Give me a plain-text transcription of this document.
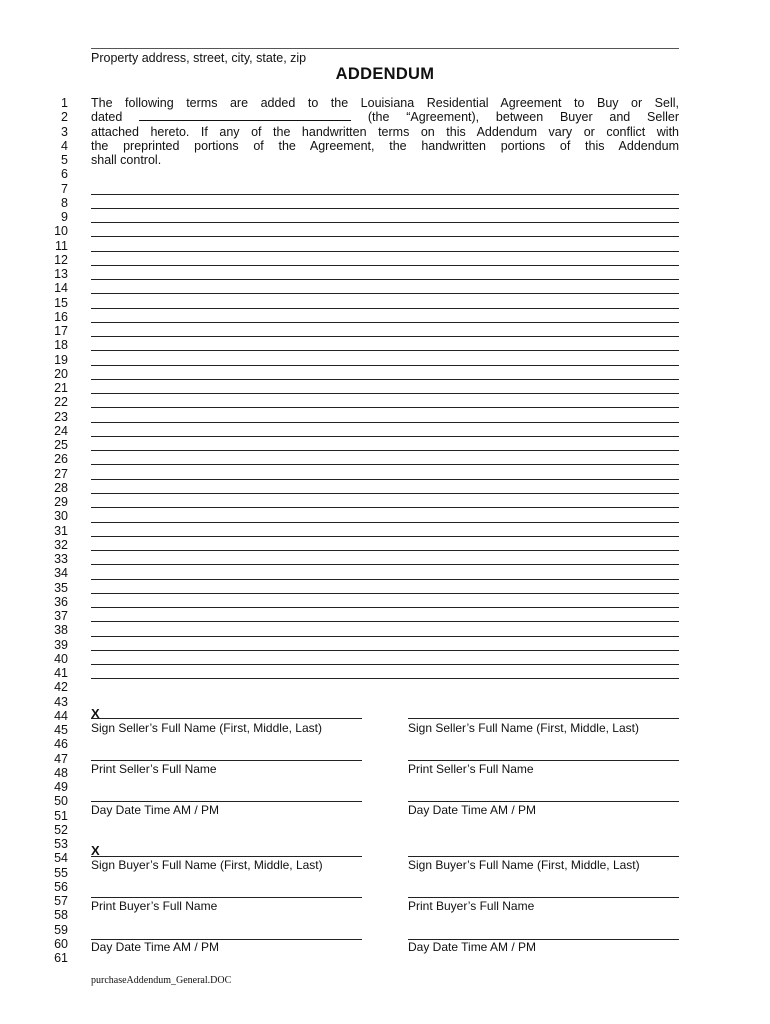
Property address, street, city, state, zip
ADDENDUM
1
2
3
4
5
6
7
8
9
10
11
12
13
14
15
16
17
18
19
20
21
22
23
24
25
26
27
28
29
30
31
32
33
34
35
36
37
38
39
40
41
42
43
44
45
46
47
48
49
50
51
52
53
54
55
56
57
58
59
60
61
The following terms are added to the Louisiana Residential Agreement to Buy or Sell,
dated	(the “Agreement), between Buyer and Seller
attached hereto. If any of the handwritten terms on this Addendum vary or conflict with
the preprinted portions of the Agreement, the handwritten portions of this Addendum
shall control.
X
Sign Seller’s Full Name (First, Middle, Last)	Sign Seller’s Full Name (First, Middle, Last)
Print Seller’s Full Name	Print Seller’s Full Name
Day Date Time AM / PM	Day Date Time AM / PM
X
Sign Buyer’s Full Name (First, Middle, Last)	Sign Buyer’s Full Name (First, Middle, Last)
Print Buyer’s Full Name	Print Buyer’s Full Name
Day Date Time AM / PM	Day Date Time AM / PM
purchaseAddendum_General.DOC
